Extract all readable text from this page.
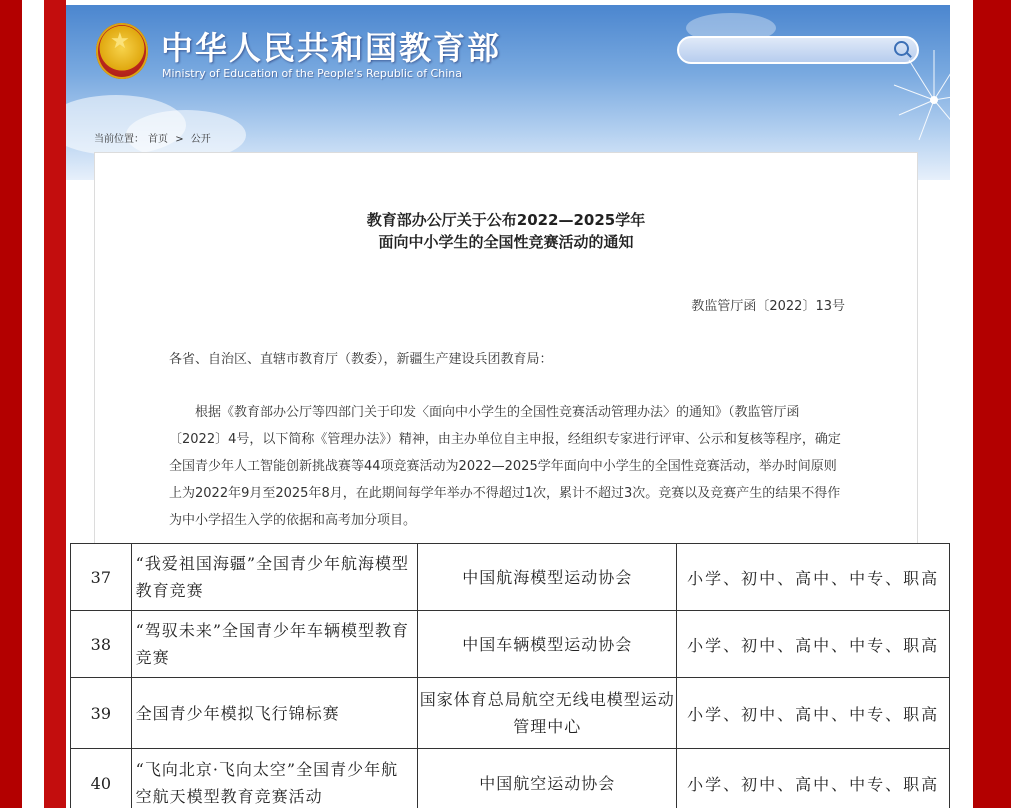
★ 中华人民共和国教育部
Ministry of Education of the People's Republic of China
当前位置： 首页 > 公开
教育部办公厅关于公布2022—2025学年
面向中小学生的全国性竞赛活动的通知
教监管厅函〔2022〕13号
各省、自治区、直辖市教育厅（教委），新疆生产建设兵团教育局：
根据《教育部办公厅等四部门关于印发〈面向中小学生的全国性竞赛活动管理办法〉的通知》（教监管厅函〔2022〕4号，以下简称《管理办法》）精神，由主办单位自主申报，经组织专家进行评审、公示和复核等程序，确定全国青少年人工智能创新挑战赛等44项竞赛活动为2022—2025学年面向中小学生的全国性竞赛活动，举办时间原则上为2022年9月至2025年8月，在此期间每学年举办不得超过1次，累计不超过3次。竞赛以及竞赛产生的结果不得作为中小学招生入学的依据和高考加分项目。
37	“我爱祖国海疆”全国青少年航海模型教育竞赛	中国航海模型运动协会	小学、初中、高中、中专、职高
38	“驾驭未来”全国青少年车辆模型教育竞赛	中国车辆模型运动协会	小学、初中、高中、中专、职高
39	全国青少年模拟飞行锦标赛	国家体育总局航空无线电模型运动管理中心	小学、初中、高中、中专、职高
40	“飞向北京·飞向太空”全国青少年航空航天模型教育竞赛活动	中国航空运动协会	小学、初中、高中、中专、职高
